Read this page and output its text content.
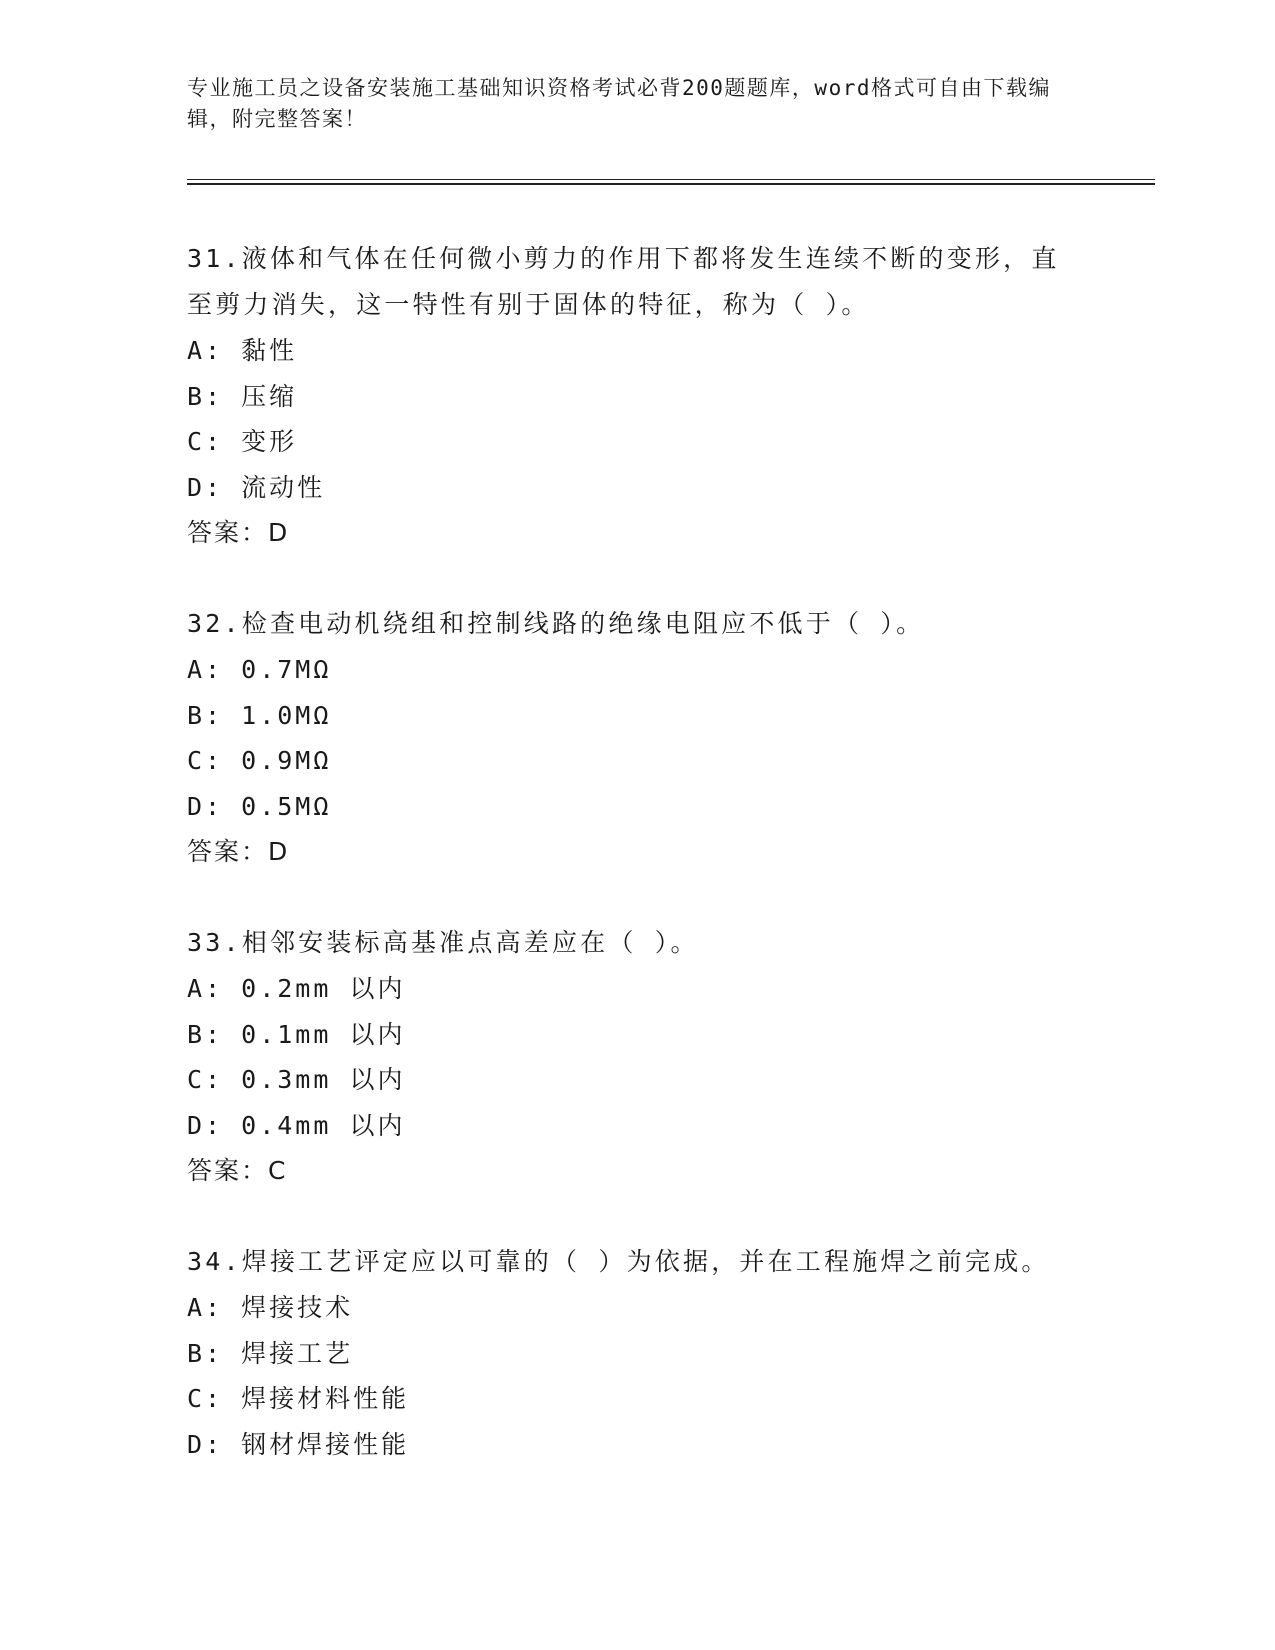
专业施工员之设备安装施工基础知识资格考试必背200题题库，word格式可自由下载编辑，附完整答案！

31.液体和气体在任何微小剪力的作用下都将发生连续不断的变形，直至剪力消失，这一特性有别于固体的特征，称为（ ）。

A: 黏性

B: 压缩

C: 变形

D: 流动性

答案：D

32.检查电动机绕组和控制线路的绝缘电阻应不低于（ ）。

A: 0.7MΩ

B: 1.0MΩ

C: 0.9MΩ

D: 0.5MΩ

答案：D

33.相邻安装标高基准点高差应在（ ）。

A: 0.2mm 以内

B: 0.1mm 以内

C: 0.3mm 以内

D: 0.4mm 以内

答案：C

34.焊接工艺评定应以可靠的（ ）为依据，并在工程施焊之前完成。

A: 焊接技术

B: 焊接工艺

C: 焊接材料性能

D: 钢材焊接性能
